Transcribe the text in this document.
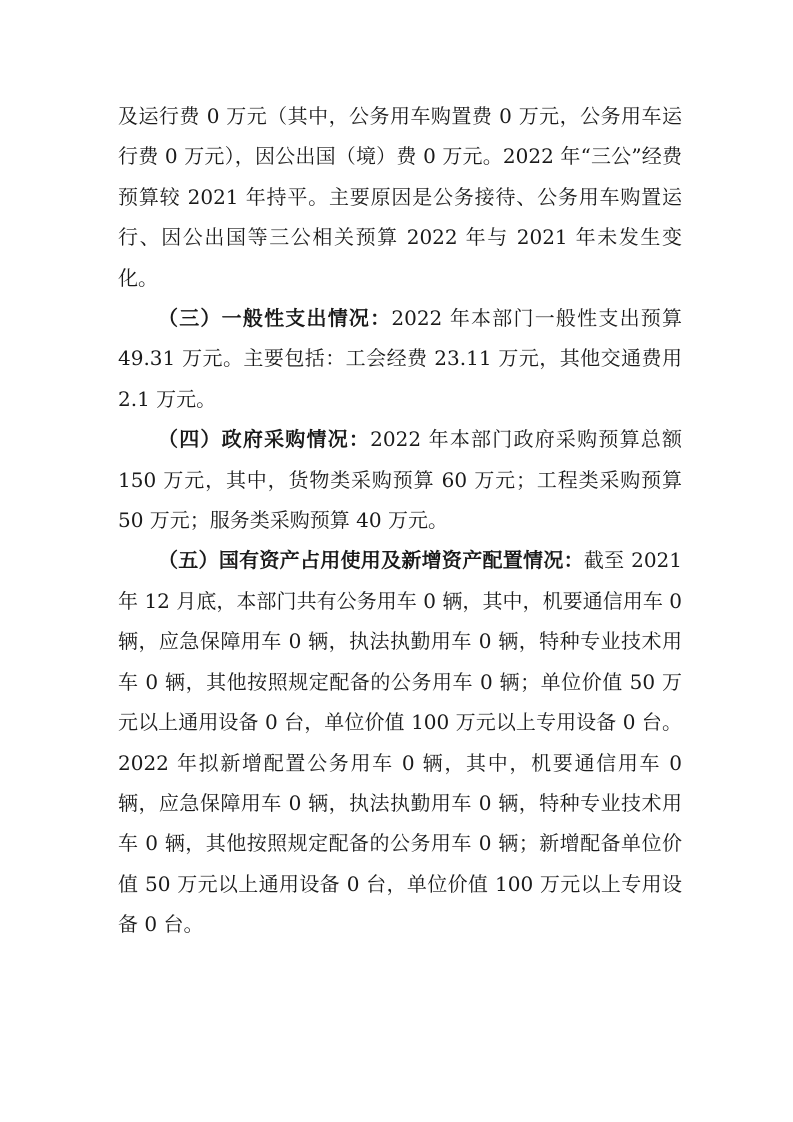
及运行费 0 万元（其中，公务用车购置费 0 万元，公务用车运行费 0 万元），因公出国（境）费 0 万元。2022 年“三公”经费预算较 2021 年持平。主要原因是公务接待、公务用车购置运行、因公出国等三公相关预算 2022 年与 2021 年未发生变化。

（三）一般性支出情况：2022 年本部门一般性支出预算 49.31 万元。主要包括：工会经费 23.11 万元，其他交通费用 2.1 万元。

（四）政府采购情况：2022 年本部门政府采购预算总额 150 万元，其中，货物类采购预算 60 万元；工程类采购预算 50 万元；服务类采购预算 40 万元。

（五）国有资产占用使用及新增资产配置情况：截至 2021 年 12 月底，本部门共有公务用车 0 辆，其中，机要通信用车 0 辆，应急保障用车 0 辆，执法执勤用车 0 辆，特种专业技术用车 0 辆，其他按照规定配备的公务用车 0 辆；单位价值 50 万元以上通用设备 0 台，单位价值 100 万元以上专用设备 0 台。2022 年拟新增配置公务用车 0 辆，其中，机要通信用车 0 辆，应急保障用车 0 辆，执法执勤用车 0 辆，特种专业技术用车 0 辆，其他按照规定配备的公务用车 0 辆；新增配备单位价值 50 万元以上通用设备 0 台，单位价值 100 万元以上专用设备 0 台。
